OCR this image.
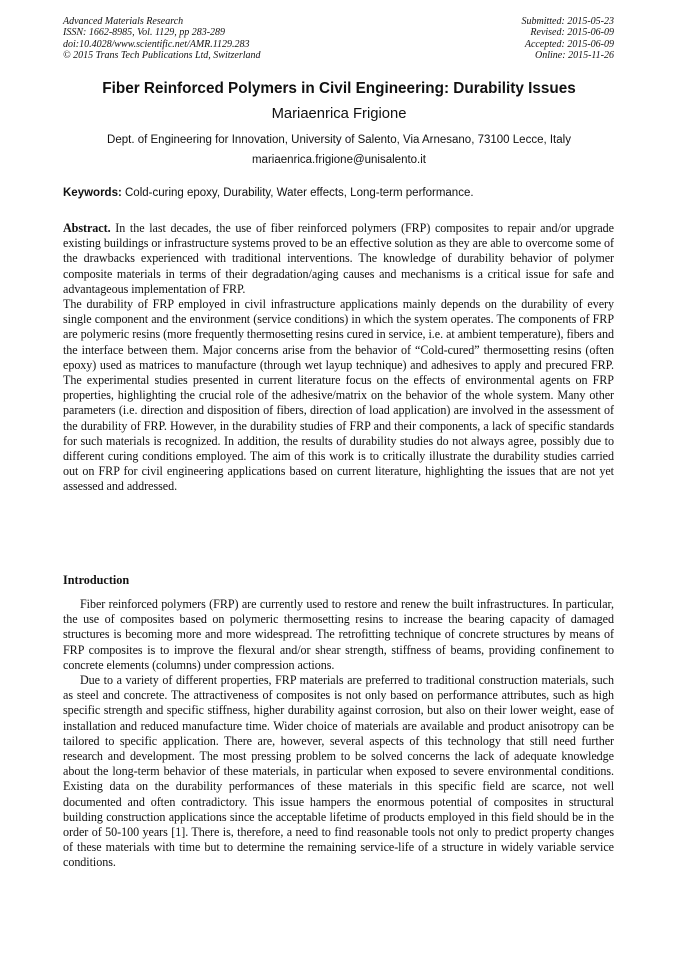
Advanced Materials Research
ISSN: 1662-8985, Vol. 1129, pp 283-289
doi:10.4028/www.scientific.net/AMR.1129.283
© 2015 Trans Tech Publications Ltd, Switzerland
Submitted: 2015-05-23
Revised: 2015-06-09
Accepted: 2015-06-09
Online: 2015-11-26
Fiber Reinforced Polymers in Civil Engineering: Durability Issues
Mariaenrica Frigione
Dept. of Engineering for Innovation, University of Salento, Via Arnesano, 73100 Lecce, Italy
mariaenrica.frigione@unisalento.it
Keywords: Cold-curing epoxy, Durability, Water effects, Long-term performance.

Abstract. In the last decades, the use of fiber reinforced polymers (FRP) composites to repair and/or upgrade existing buildings or infrastructure systems proved to be an effective solution as they are able to overcome some of the drawbacks experienced with traditional interventions. The knowledge of durability behavior of polymer composite materials in terms of their degradation/aging causes and mechanisms is a critical issue for safe and advantageous implementation of FRP.

The durability of FRP employed in civil infrastructure applications mainly depends on the durability of every single component and the environment (service conditions) in which the system operates. The components of FRP are polymeric resins (more frequently thermosetting resins cured in service, i.e. at ambient temperature), fibers and the interface between them. Major concerns arise from the behavior of “Cold-cured” thermosetting resins (often epoxy) used as matrices to manufacture (through wet layup technique) and adhesives to apply and precured FRP. The experimental studies presented in current literature focus on the effects of environmental agents on FRP properties, highlighting the crucial role of the adhesive/matrix on the behavior of the whole system. Many other parameters (i.e. direction and disposition of fibers, direction of load application) are involved in the assessment of the durability of FRP. However, in the durability studies of FRP and their components, a lack of specific standards for such materials is recognized. In addition, the results of durability studies do not always agree, possibly due to different curing conditions employed. The aim of this work is to critically illustrate the durability studies carried out on FRP for civil engineering applications based on current literature, highlighting the issues that are not yet assessed and addressed.

Introduction

Fiber reinforced polymers (FRP) are currently used to restore and renew the built infrastructures. In particular, the use of composites based on polymeric thermosetting resins to increase the bearing capacity of damaged structures is becoming more and more widespread. The retrofitting technique of concrete structures by means of FRP composites is to improve the flexural and/or shear strength, stiffness of beams, providing confinement to concrete elements (columns) under compression actions.

Due to a variety of different properties, FRP materials are preferred to traditional construction materials, such as steel and concrete. The attractiveness of composites is not only based on performance attributes, such as high specific strength and specific stiffness, higher durability against corrosion, but also on their lower weight, ease of installation and reduced manufacture time. Wider choice of materials are available and product anisotropy can be tailored to specific application. There are, however, several aspects of this technology that still need further research and development. The most pressing problem to be solved concerns the lack of adequate knowledge about the long-term behavior of these materials, in particular when exposed to severe environmental conditions. Existing data on the durability performances of these materials in this specific field are scarce, not well documented and often contradictory. This issue hampers the enormous potential of composites in structural building construction applications since the acceptable lifetime of products employed in this field should be in the order of 50-100 years [1]. There is, therefore, a need to find reasonable tools not only to predict property changes of these materials with time but to determine the remaining service-life of a structure in widely variable service conditions.
